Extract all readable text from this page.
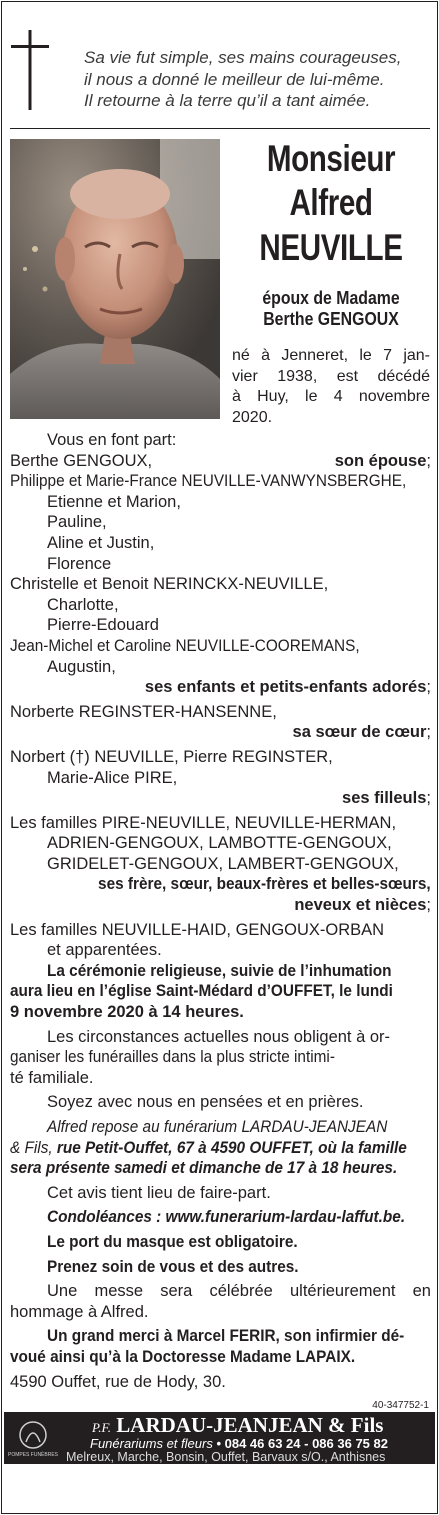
Sa vie fut simple, ses mains courageuses,
il nous a donné le meilleur de lui-même.
Il retourne à la terre qu’il a tant aimée.
Monsieur
Alfred
NEUVILLE
époux de Madame
Berthe GENGOUX
né à Jenneret, le 7 jan-
vier 1938, est décédé
à Huy, le 4 novembre
2020.
Vous en font part:
Berthe GENGOUX,	son épouse;
Philippe et Marie-France NEUVILLE-VANWYNSBERGHE,
Etienne et Marion,
Pauline,
Aline et Justin,
Florence
Christelle et Benoit NERINCKX-NEUVILLE,
Charlotte,
Pierre-Edouard
Jean-Michel et Caroline NEUVILLE-COOREMANS,
Augustin,
ses enfants et petits-enfants adorés;
Norberte REGINSTER-HANSENNE,
sa sœur de cœur;
Norbert (†) NEUVILLE, Pierre REGINSTER,
Marie-Alice PIRE,
ses filleuls;
Les familles PIRE-NEUVILLE, NEUVILLE-HERMAN,
ADRIEN-GENGOUX, LAMBOTTE-GENGOUX,
GRIDELET-GENGOUX, LAMBERT-GENGOUX,
ses frère, sœur, beaux-frères et belles-sœurs,
neveux et nièces;
Les familles NEUVILLE-HAID, GENGOUX-ORBAN
et apparentées.
La cérémonie religieuse, suivie de l’inhumation
aura lieu en l’église Saint-Médard d’OUFFET, le lundi
9 novembre 2020 à 14 heures.
Les circonstances actuelles nous obligent à or-
ganiser les funérailles dans la plus stricte intimi-
té familiale.
Soyez avec nous en pensées et en prières.
Alfred repose au funérarium LARDAU-JEANJEAN
& Fils, rue Petit-Ouffet, 67 à 4590 OUFFET, où la famille
sera présente samedi et dimanche de 17 à 18 heures.
Cet avis tient lieu de faire-part.
Condoléances : www.funerarium-lardau-laffut.be.
Le port du masque est obligatoire.
Prenez soin de vous et des autres.
Une messe sera célébrée ultérieurement en
hommage à Alfred.
Un grand merci à Marcel FERIR, son infirmier dé-
voué ainsi qu’à la Doctoresse Madame LAPAIX.
4590 Ouffet, rue de Hody, 30.
40-347752-1
POMPES FUNÈBRES
P.F. LARDAU-JEANJEAN & Fils
Funérariums et fleurs • 084 46 63 24 - 086 36 75 82
Melreux, Marche, Bonsin, Ouffet, Barvaux s/O., Anthisnes
